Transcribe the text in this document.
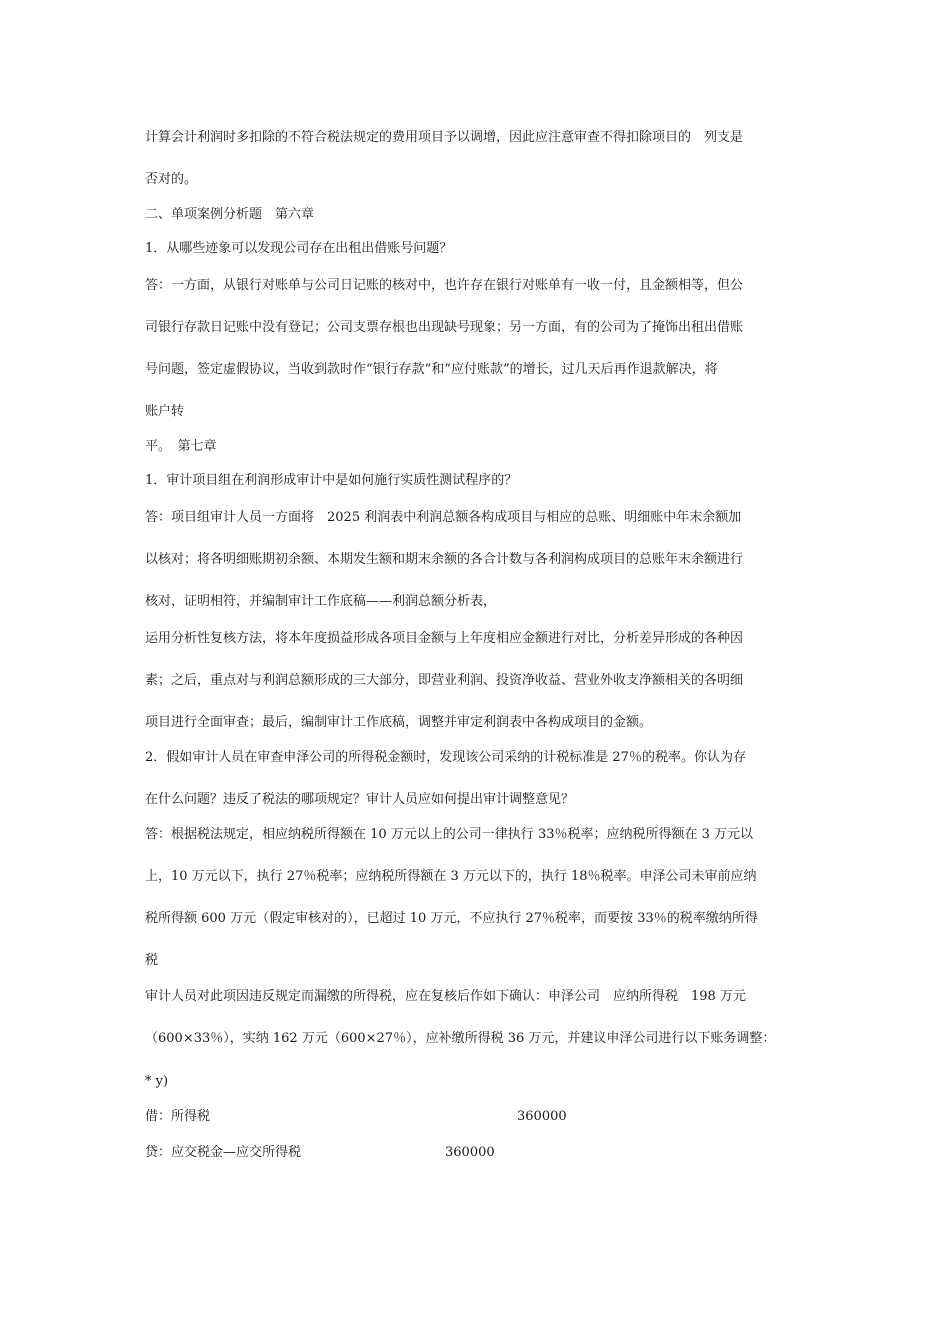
计算会计利润时多扣除的不符合税法规定的费用项目予以调增，因此应注意审查不得扣除项目的　列支是
否对的。
二、单项案例分析题　第六章
1．从哪些迹象可以发现公司存在出租出借账号问题？
答：一方面，从银行对账单与公司日记账的核对中，也许存在银行对账单有一收一付，且金额相等，但公
司银行存款日记账中没有登记；公司支票存根也出现缺号现象；另一方面，有的公司为了掩饰出租出借账
号问题，签定虚假协议，当收到款时作“银行存款”和“应付账款”的增长，过几天后再作退款解决，将
账户转
平。　第七章
1．审计项目组在利润形成审计中是如何施行实质性测试程序的？
答：项目组审计人员一方面将　2025 利润表中利润总额各构成项目与相应的总账、明细账中年末余额加
以核对；将各明细账期初余额、本期发生额和期末余额的各合计数与各利润构成项目的总账年末余额进行
核对，证明相符，并编制审计工作底稿——利润总额分析表，
运用分析性复核方法，将本年度损益形成各项目金额与上年度相应金额进行对比，分析差异形成的各种因
素；之后，重点对与利润总额形成的三大部分，即营业利润、投资净收益、营业外收支净额相关的各明细
项目进行全面审查；最后，编制审计工作底稿，调整并审定利润表中各构成项目的金额。
2．假如审计人员在审查申泽公司的所得税金额时，发现该公司采纳的计税标准是 27％的税率。你认为存
在什么问题？违反了税法的哪项规定？审计人员应如何提出审计调整意见？
答：根据税法规定，相应纳税所得额在 10 万元以上的公司一律执行 33％税率；应纳税所得额在 3 万元以
上，10 万元以下，执行 27％税率；应纳税所得额在 3 万元以下的，执行 18％税率。申泽公司未审前应纳
税所得额 600 万元（假定审核对的），已超过 10 万元，不应执行 27％税率，而要按 33％的税率缴纳所得
税
审计人员对此项因违反规定而漏缴的所得税，应在复核后作如下确认：申泽公司　应纳所得税　198 万元
（600×33％），实纳 162 万元（600×27％），应补缴所得税 36 万元，并建议申泽公司进行以下账务调整：
* y)
借：所得税	360000
贷：应交税金—应交所得税	360000
